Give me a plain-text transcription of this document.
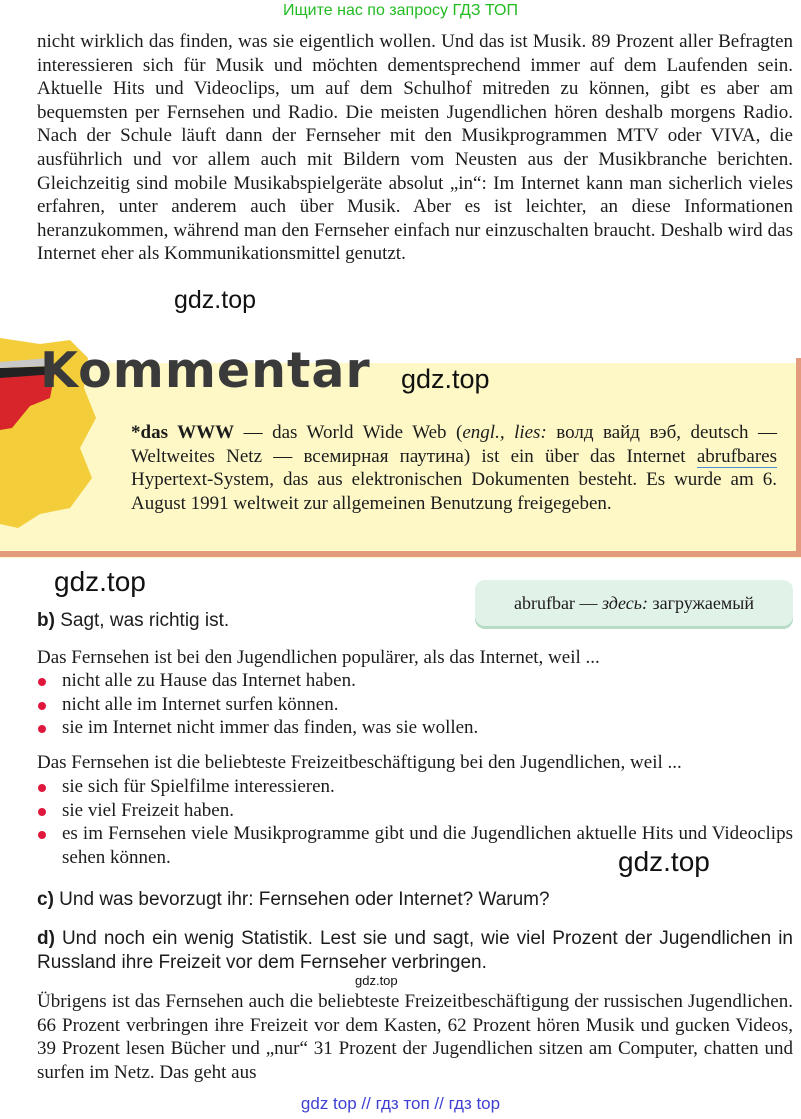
Ищите нас по запросу ГДЗ ТОП

nicht wirklich das finden, was sie eigentlich wollen. Und das ist Musik. 89 Prozent aller Befragten interessieren sich für Musik und möchten dementsprechend immer auf dem Laufenden sein. Aktuelle Hits und Videoclips, um auf dem Schulhof mitreden zu können, gibt es aber am bequemsten per Fernsehen und Radio. Die meisten Jugendlichen hören deshalb morgens Radio. Nach der Schule läuft dann der Fernseher mit den Musikprogrammen MTV oder VIVA, die ausführlich und vor allem auch mit Bildern vom Neusten aus der Musikbranche berichten. Gleichzeitig sind mobile Musikabspielgeräte absolut „in“: Im Internet kann man sicherlich vieles erfahren, unter anderem auch über Musik. Aber es ist leichter, an diese Informationen heranzukommen, während man den Fernseher einfach nur einzuschalten braucht. Deshalb wird das Internet eher als Kommunikationsmittel genutzt.

gdz.top
Kommentar gdz.top

*das WWW — das World Wide Web (engl., lies: волд вайд вэб, deutsch — Weltweites Netz — всемирная паутина) ist ein über das Internet abrufbares Hypertext-System, das aus elektronischen Dokumenten besteht. Es wurde am 6. August 1991 weltweit zur allgemeinen Benutzung freigegeben.

gdz.top
abrufbar — здесь: загружаемый

b) Sagt, was richtig ist.

Das Fernsehen ist bei den Jugendlichen populärer, als das Internet, weil ...

nicht alle zu Hause das Internet haben.
nicht alle im Internet surfen können.
sie im Internet nicht immer das finden, was sie wollen.

Das Fernsehen ist die beliebteste Freizeitbeschäftigung bei den Jugendlichen, weil ...

sie sich für Spielfilme interessieren.
sie viel Freizeit haben.
es im Fernsehen viele Musikprogramme gibt und die Jugendlichen aktuelle Hits und Videoclips sehen können.	gdz.top

c) Und was bevorzugt ihr: Fernsehen oder Internet? Warum?

d) Und noch ein wenig Statistik. Lest sie und sagt, wie viel Prozent der Jugendlichen in Russland ihre Freizeit vor dem Fernseher verbringen.

gdz.top

Übrigens ist das Fernsehen auch die beliebteste Freizeitbeschäftigung der russischen Jugendlichen. 66 Prozent verbringen ihre Freizeit vor dem Kasten, 62 Prozent hören Musik und gucken Videos, 39 Prozent lesen Bücher und „nur“ 31 Prozent der Jugendlichen sitzen am Computer, chatten und surfen im Netz. Das geht aus

gdz top // гдз топ // гдз top
